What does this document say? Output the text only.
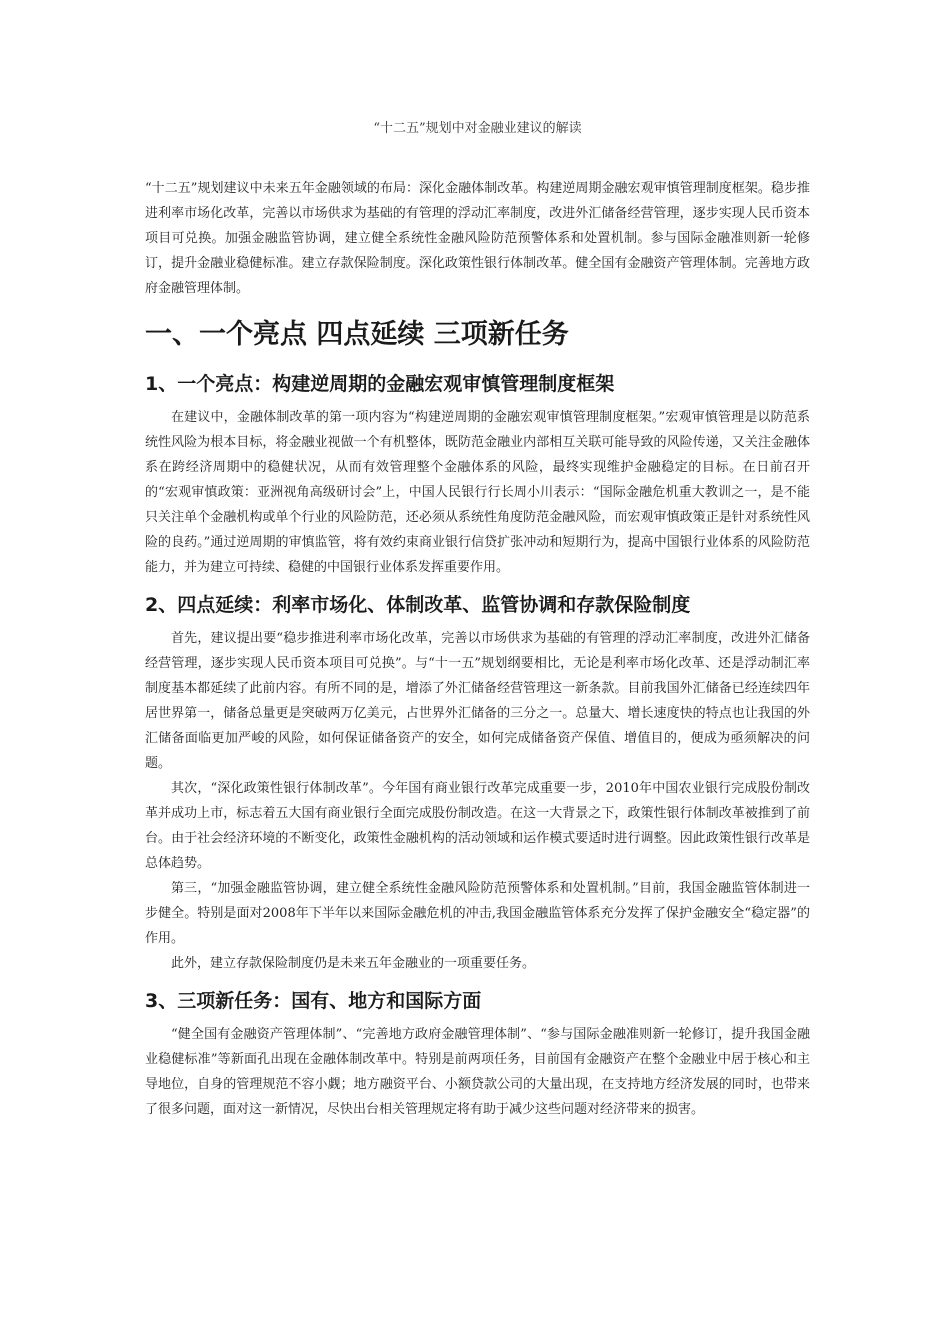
“十二五”规划中对金融业建议的解读

“十二五”规划建议中未来五年金融领域的布局：深化金融体制改革。构建逆周期金融宏观审慎管理制度框架。稳步推进利率市场化改革，完善以市场供求为基础的有管理的浮动汇率制度，改进外汇储备经营管理，逐步实现人民币资本项目可兑换。加强金融监管协调，建立健全系统性金融风险防范预警体系和处置机制。参与国际金融准则新一轮修订，提升金融业稳健标准。建立存款保险制度。深化政策性银行体制改革。健全国有金融资产管理体制。完善地方政府金融管理体制。

一、一个亮点 四点延续 三项新任务
1、一个亮点：构建逆周期的金融宏观审慎管理制度框架

在建议中，金融体制改革的第一项内容为“构建逆周期的金融宏观审慎管理制度框架。”宏观审慎管理是以防范系统性风险为根本目标，将金融业视做一个有机整体，既防范金融业内部相互关联可能导致的风险传递，又关注金融体系在跨经济周期中的稳健状况，从而有效管理整个金融体系的风险，最终实现维护金融稳定的目标。在日前召开的“宏观审慎政策：亚洲视角高级研讨会”上，中国人民银行行长周小川表示：“国际金融危机重大教训之一，是不能只关注单个金融机构或单个行业的风险防范，还必须从系统性角度防范金融风险，而宏观审慎政策正是针对系统性风险的良药。”通过逆周期的审慎监管，将有效约束商业银行信贷扩张冲动和短期行为，提高中国银行业体系的风险防范能力，并为建立可持续、稳健的中国银行业体系发挥重要作用。

2、四点延续：利率市场化、体制改革、监管协调和存款保险制度

首先，建议提出要“稳步推进利率市场化改革，完善以市场供求为基础的有管理的浮动汇率制度，改进外汇储备经营管理，逐步实现人民币资本项目可兑换”。与“十一五”规划纲要相比，无论是利率市场化改革、还是浮动制汇率制度基本都延续了此前内容。有所不同的是，增添了外汇储备经营管理这一新条款。目前我国外汇储备已经连续四年居世界第一，储备总量更是突破两万亿美元，占世界外汇储备的三分之一。总量大、增长速度快的特点也让我国的外汇储备面临更加严峻的风险，如何保证储备资产的安全，如何完成储备资产保值、增值目的，便成为亟须解决的问题。

其次，“深化政策性银行体制改革”。今年国有商业银行改革完成重要一步，2010年中国农业银行完成股份制改革并成功上市，标志着五大国有商业银行全面完成股份制改造。在这一大背景之下，政策性银行体制改革被推到了前台。由于社会经济环境的不断变化，政策性金融机构的活动领域和运作模式要适时进行调整。因此政策性银行改革是总体趋势。

第三，“加强金融监管协调，建立健全系统性金融风险防范预警体系和处置机制。”目前，我国金融监管体制进一步健全。特别是面对2008年下半年以来国际金融危机的冲击,我国金融监管体系充分发挥了保护金融安全“稳定器”的作用。

此外，建立存款保险制度仍是未来五年金融业的一项重要任务。

3、三项新任务：国有、地方和国际方面

“健全国有金融资产管理体制”、“完善地方政府金融管理体制”、“参与国际金融准则新一轮修订，提升我国金融业稳健标准”等新面孔出现在金融体制改革中。特别是前两项任务，目前国有金融资产在整个金融业中居于核心和主导地位，自身的管理规范不容小觑；地方融资平台、小额贷款公司的大量出现，在支持地方经济发展的同时，也带来了很多问题，面对这一新情况，尽快出台相关管理规定将有助于减少这些问题对经济带来的损害。
